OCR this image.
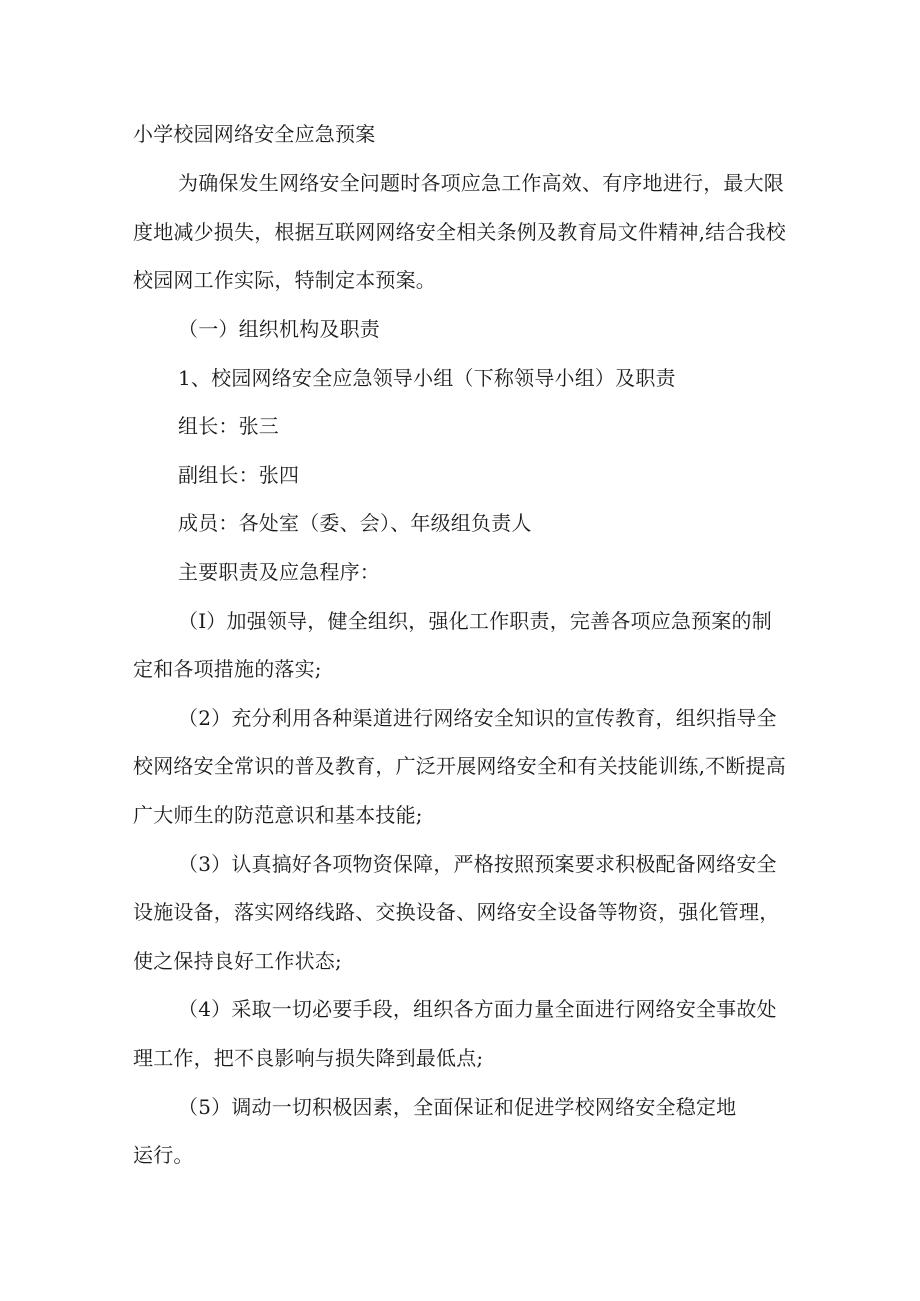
小学校园网络安全应急预案
为确保发生网络安全问题时各项应急工作高效、有序地进行，最大限
度地减少损失，根据互联网网络安全相关条例及教育局文件精神,结合我校
校园网工作实际，特制定本预案。
（一）组织机构及职责
1、校园网络安全应急领导小组（下称领导小组）及职责
组长：张三
副组长：张四
成员：各处室（委、会）、年级组负责人
主要职责及应急程序：
（I）加强领导，健全组织，强化工作职责，完善各项应急预案的制
定和各项措施的落实;
（2）充分利用各种渠道进行网络安全知识的宣传教育，组织指导全
校网络安全常识的普及教育，广泛开展网络安全和有关技能训练,不断提高
广大师生的防范意识和基本技能;
（3）认真搞好各项物资保障，严格按照预案要求积极配备网络安全
设施设备，落实网络线路、交换设备、网络安全设备等物资，强化管理，
使之保持良好工作状态;
（4）采取一切必要手段，组织各方面力量全面进行网络安全事故处
理工作，把不良影响与损失降到最低点;
（5）调动一切积极因素，全面保证和促进学校网络安全稳定地
运行。
